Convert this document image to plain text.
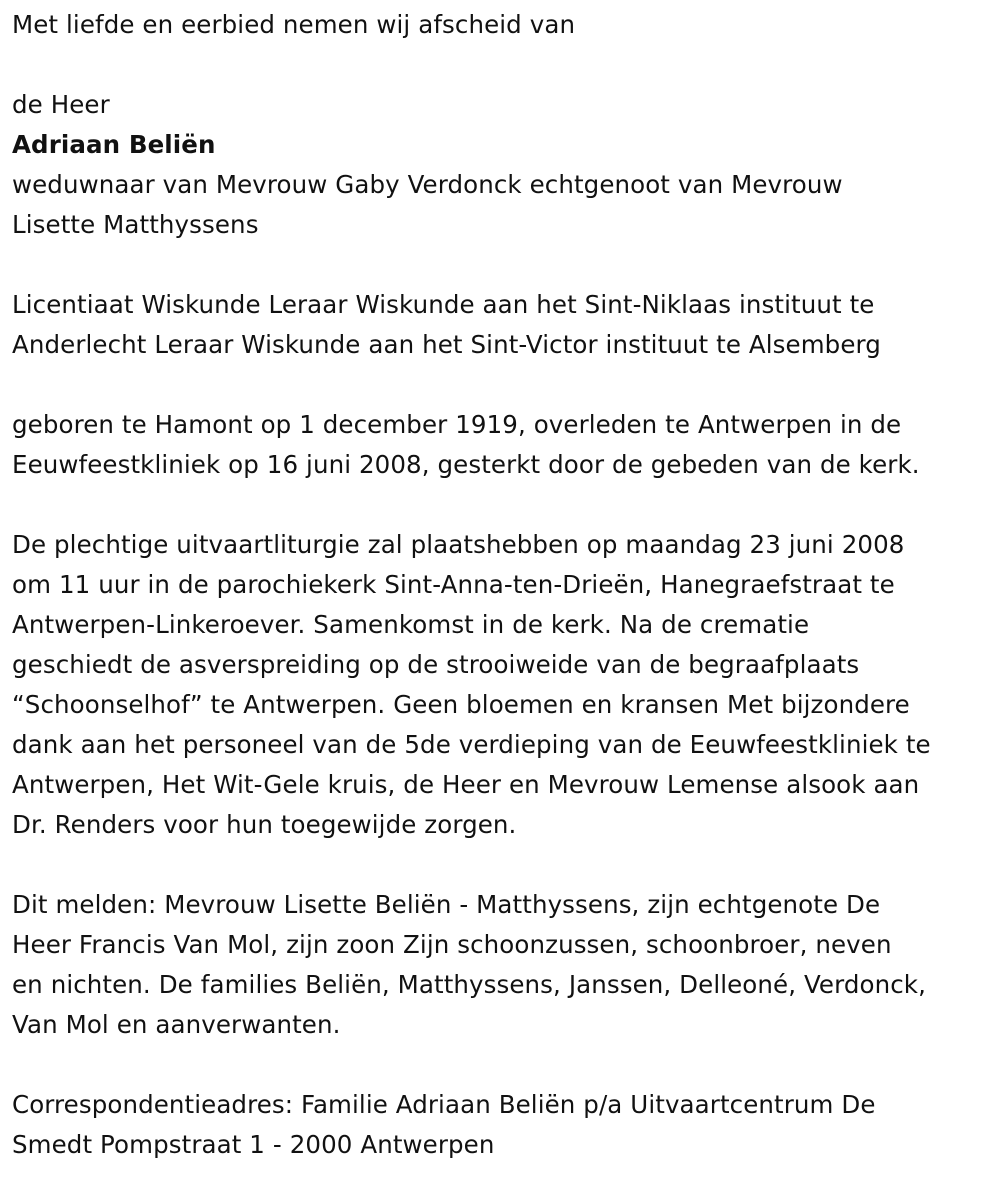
Met liefde en eerbied nemen wij afscheid van
de Heer
Adriaan Beliën
weduwnaar van Mevrouw Gaby Verdonck echtgenoot van Mevrouw
Lisette Matthyssens
Licentiaat Wiskunde Leraar Wiskunde aan het Sint-Niklaas instituut te
Anderlecht Leraar Wiskunde aan het Sint-Victor instituut te Alsemberg
geboren te Hamont op 1 december 1919, overleden te Antwerpen in de
Eeuwfeestkliniek op 16 juni 2008, gesterkt door de gebeden van de kerk.
De plechtige uitvaartliturgie zal plaatshebben op maandag 23 juni 2008
om 11 uur in de parochiekerk Sint-Anna-ten-Drieën, Hanegraefstraat te
Antwerpen-Linkeroever. Samenkomst in de kerk. Na de crematie
geschiedt de asverspreiding op de strooiweide van de begraafplaats
“Schoonselhof” te Antwerpen. Geen bloemen en kransen Met bijzondere
dank aan het personeel van de 5de verdieping van de Eeuwfeestkliniek te
Antwerpen, Het Wit-Gele kruis, de Heer en Mevrouw Lemense alsook aan
Dr. Renders voor hun toegewijde zorgen.
Dit melden: Mevrouw Lisette Beliën - Matthyssens, zijn echtgenote De
Heer Francis Van Mol, zijn zoon Zijn schoonzussen, schoonbroer, neven
en nichten. De families Beliën, Matthyssens, Janssen, Delleoné, Verdonck,
Van Mol en aanverwanten.
Correspondentieadres: Familie Adriaan Beliën p/a Uitvaartcentrum De
Smedt Pompstraat 1 - 2000 Antwerpen
